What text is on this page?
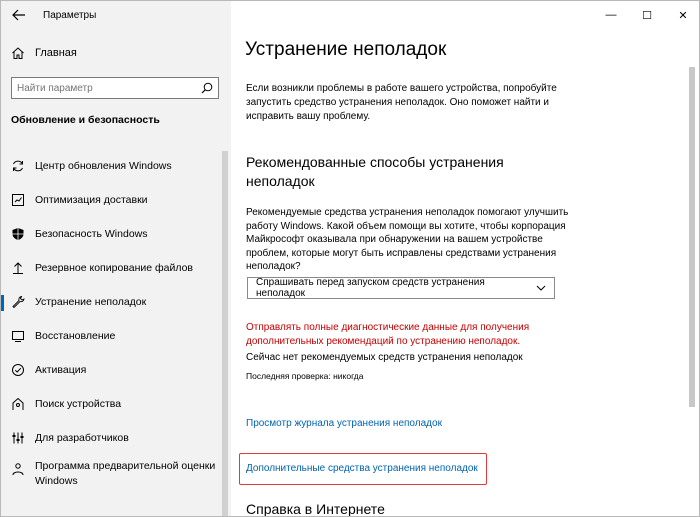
Параметры
Главная
Найти параметр
Обновление и безопасность
Центр обновления Windows
Оптимизация доставки
Безопасность Windows
Резервное копирование файлов
Устранение неполадок
Восстановление
Активация
Поиск устройства
Для разработчиков
Программа предварительной оценки Windows
—	☐	✕
Устранение неполадок
Если возникли проблемы в работе вашего устройства, попробуйте запустить средство устранения неполадок. Оно поможет найти и исправить вашу проблему.
Рекомендованные способы устранения неполадок
Рекомендуемые средства устранения неполадок помогают улучшить работу Windows. Какой объем помощи вы хотите, чтобы корпорация Майкрософт оказывала при обнаружении на вашем устройстве проблем, которые могут быть исправлены средствами устранения неполадок?
Спрашивать перед запуском средств устранения неполадок
Отправлять полные диагностические данные для получения дополнительных рекомендаций по устранению неполадок.
Сейчас нет рекомендуемых средств устранения неполадок
Последняя проверка: никогда
Просмотр журнала устранения неполадок
Дополнительные средства устранения неполадок
Справка в Интернете
